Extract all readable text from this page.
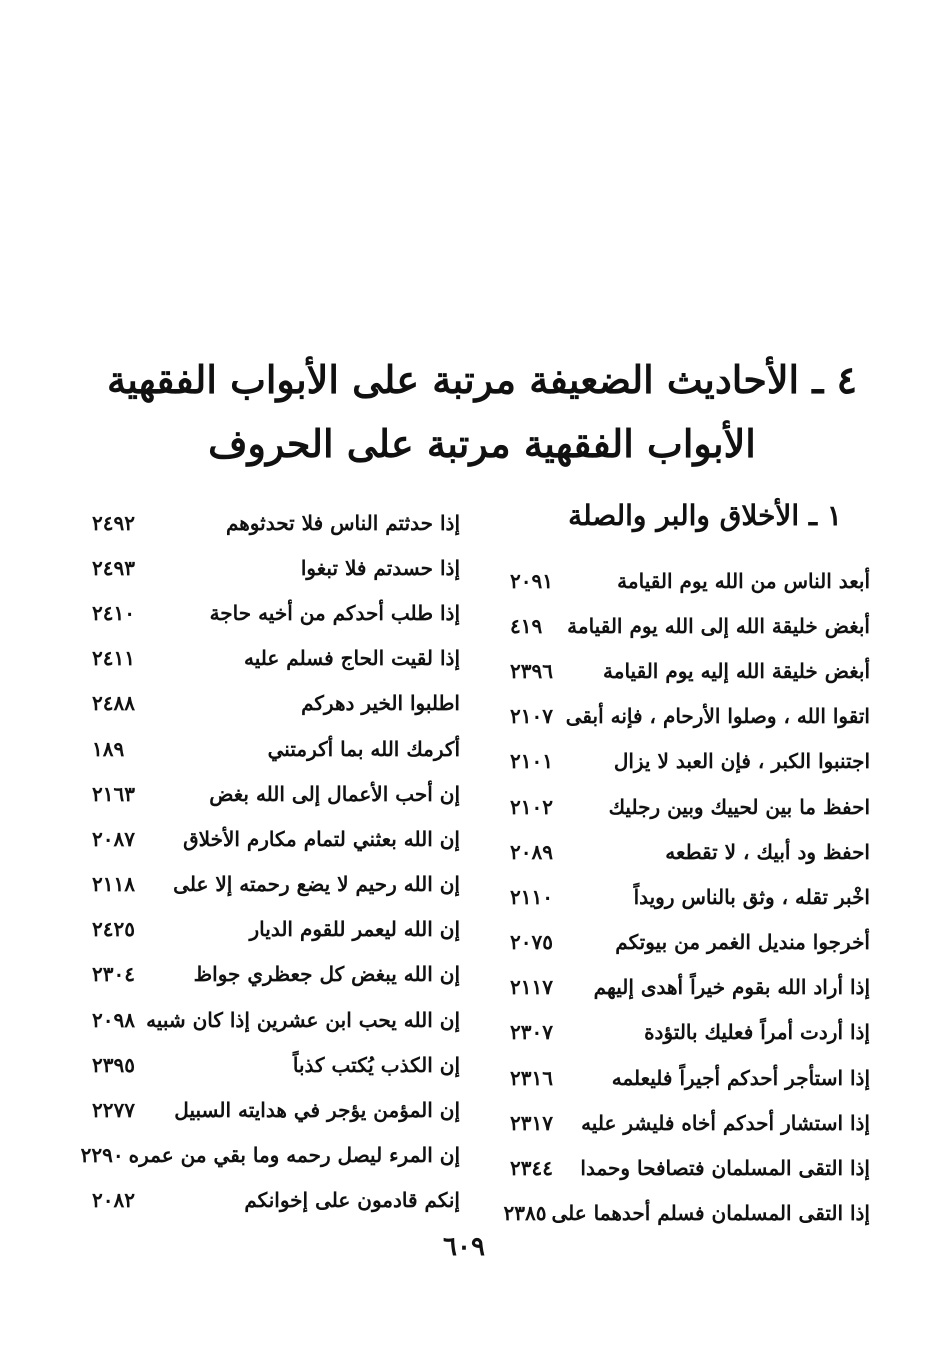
٤ ـ الأحاديث الضعيفة مرتبة على الأبواب الفقهية
الأبواب الفقهية مرتبة على الحروف
١ ـ الأخلاق والبر والصلة
أبعد الناس من الله يوم القيامة
٢٠٩١
أبغض خليقة الله إلى الله يوم القيامة
٤١٩
أبغض خليقة الله إليه يوم القيامة
٢٣٩٦
اتقوا الله ، وصلوا الأرحام ، فإنه أبقى
٢١٠٧
اجتنبوا الكبر ، فإن العبد لا يزال
٢١٠١
احفظ ما بين لحييك وبين رجليك
٢١٠٢
احفظ ود أبيك ، لا تقطعه
٢٠٨٩
اخْبر تقله ، وثق بالناس رويداً
٢١١٠
أخرجوا منديل الغمر من بيوتكم
٢٠٧٥
إذا أراد الله بقوم خيراً أهدى إليهم
٢١١٧
إذا أردت أمراً فعليك بالتؤدة
٢٣٠٧
إذا استأجر أحدكم أجيراً فليعلمه
٢٣١٦
إذا استشار أحدكم أخاه فليشر عليه
٢٣١٧
إذا التقى المسلمان فتصافحا وحمدا
٢٣٤٤
إذا التقى المسلمان فسلم أحدهما على
٢٣٨٥
إذا حدثتم الناس فلا تحدثوهم
٢٤٩٢
إذا حسدتم فلا تبغوا
٢٤٩٣
إذا طلب أحدكم من أخيه حاجة
٢٤١٠
إذا لقيت الحاج فسلم عليه
٢٤١١
اطلبوا الخير دهركم
٢٤٨٨
أكرمك الله بما أكرمتني
١٨٩
إن أحب الأعمال إلى الله بغض
٢١٦٣
إن الله بعثني لتمام مكارم الأخلاق
٢٠٨٧
إن الله رحيم لا يضع رحمته إلا على
٢١١٨
إن الله ليعمر للقوم الديار
٢٤٢٥
إن الله يبغض كل جعظري جواظ
٢٣٠٤
إن الله يحب ابن عشرين إذا كان شبيه
٢٠٩٨
إن الكذب يُكتب كذباً
٢٣٩٥
إن المؤمن يؤجر في هدايته السبيل
٢٢٧٧
إن المرء ليصل رحمه وما بقي من عمره
٢٢٩٠
إنكم قادمون على إخوانكم
٢٠٨٢
٦٠٩
